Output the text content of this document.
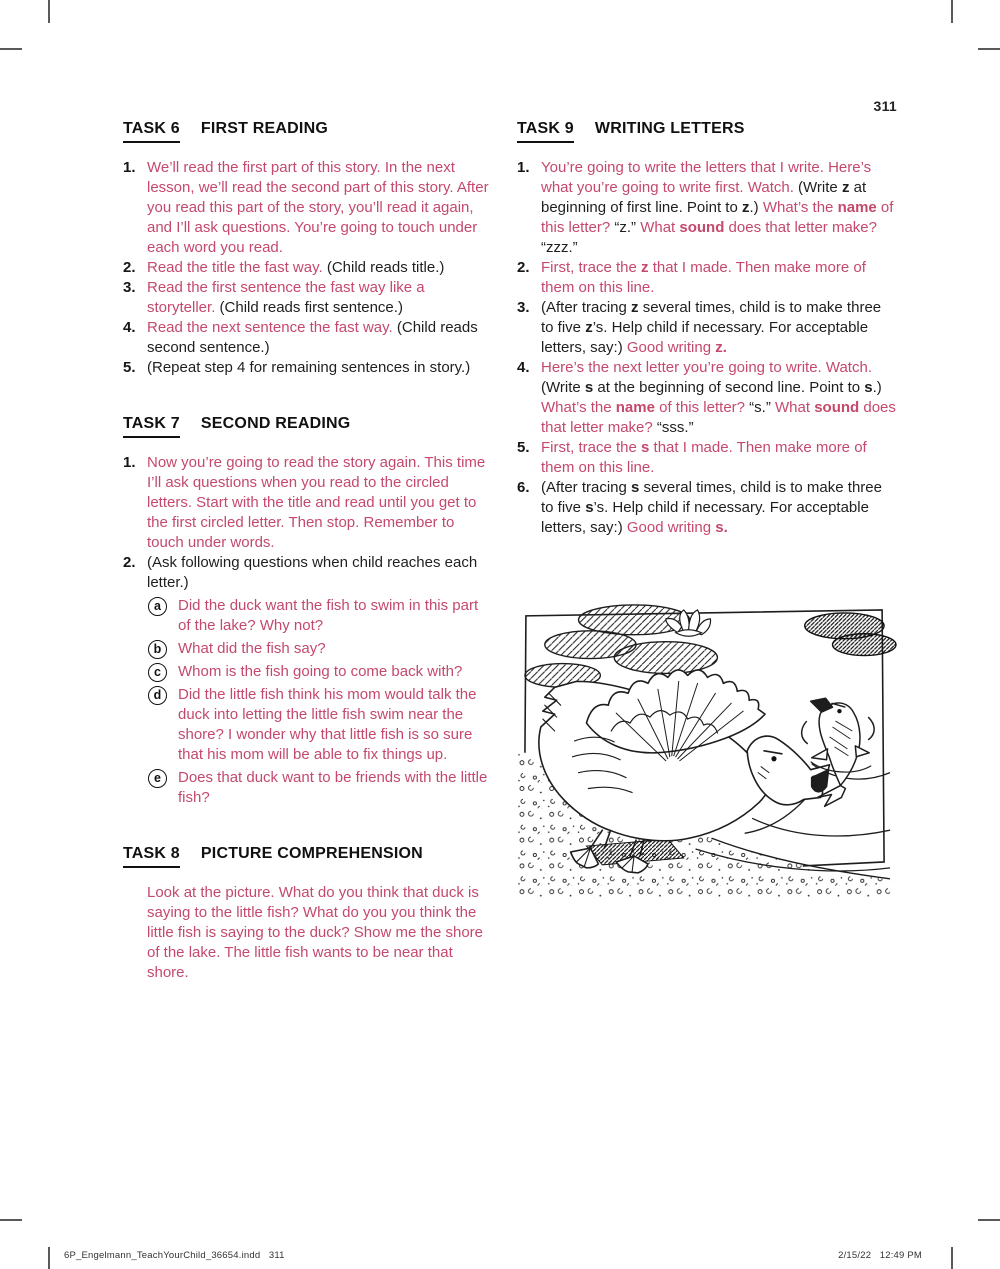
311
TASK 6 FIRST READING
1. We’ll read the first part of this story. In the next lesson, we’ll read the second part of this story. After you read this part of the story, you’ll read it again, and I’ll ask questions. You’re going to touch under each word you read.
2. Read the title the fast way. (Child reads title.)
3. Read the first sentence the fast way like a storyteller. (Child reads first sentence.)
4. Read the next sentence the fast way. (Child reads second sentence.)
5. (Repeat step 4 for remaining sentences in story.)
TASK 7 SECOND READING
1. Now you’re going to read the story again. This time I’ll ask questions when you read to the circled letters. Start with the title and read until you get to the first circled letter. Then stop. Remember to touch under words.
2. (Ask following questions when child reaches each letter.)
a	Did the duck want the fish to swim in this part of the lake? Why not?
b	What did the fish say?
c	Whom is the fish going to come back with?
d	Did the little fish think his mom would talk the duck into letting the little fish swim near the shore? I wonder why that little fish is so sure that his mom will be able to fix things up.
e	Does that duck want to be friends with the little fish?
TASK 8 PICTURE COMPREHENSION
Look at the picture. What do you think that duck is saying to the little fish? What do you you think the little fish is saying to the duck? Show me the shore of the lake. The little fish wants to be near that shore.
TASK 9 WRITING LETTERS
1. You’re going to write the letters that I write. Here’s what you’re going to write first. Watch. (Write z at beginning of first line. Point to z.) What’s the name of this letter? “z.” What sound does that letter make? “zzz.”
2. First, trace the z that I made. Then make more of them on this line.
3. (After tracing z several times, child is to make three to five z’s. Help child if necessary. For acceptable letters, say:) Good writing z.
4. Here’s the next letter you’re going to write. Watch. (Write s at the beginning of second line. Point to s.) What’s the name of this letter? “s.” What sound does that letter make? “sss.”
5. First, trace the s that I made. Then make more of them on this line.
6. (After tracing s several times, child is to make three to five s’s. Help child if necessary. For acceptable letters, say:) Good writing s.
6P_Engelmann_TeachYourChild_36654.indd   311	2/15/22   12:49 PM
